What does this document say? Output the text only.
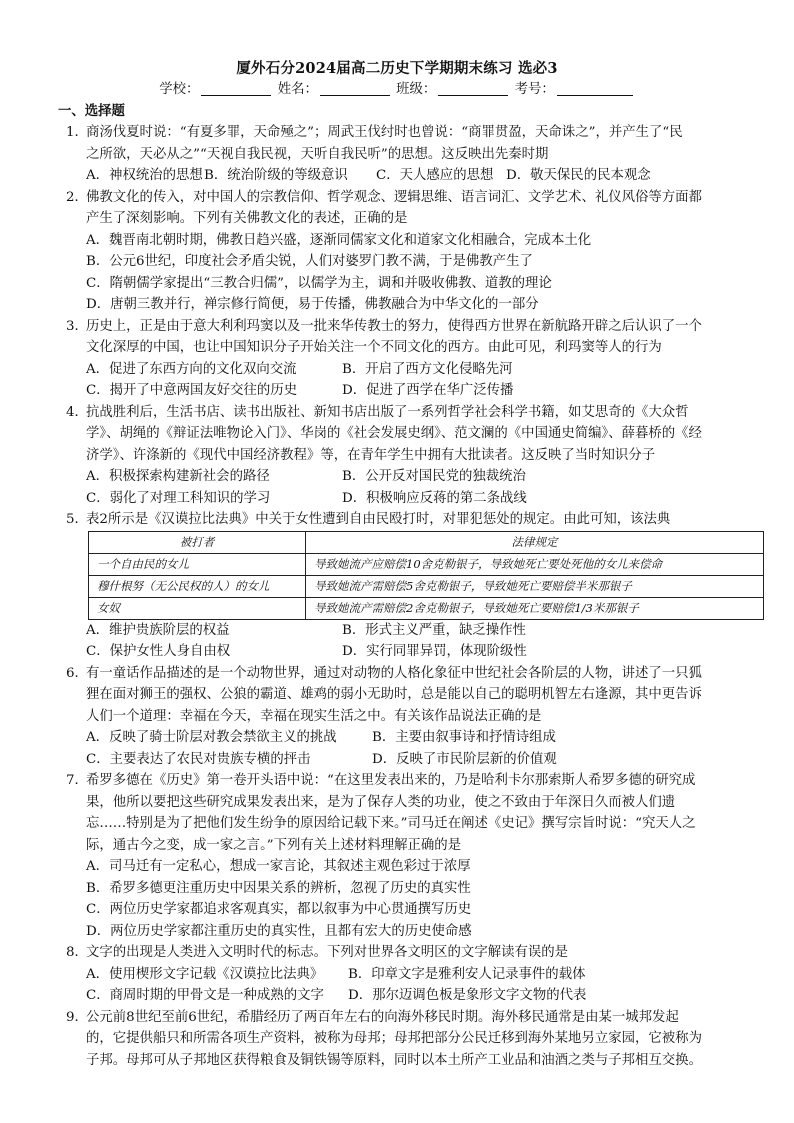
厦外石分2024届高二历史下学期期末练习 选必3
学校：	姓名：	班级：	考号：
一、选择题
1．商汤伐夏时说：“有夏多罪，天命殛之”；周武王伐纣时也曾说：“商罪贯盈，天命诛之”，并产生了“民
之所欲，天必从之”“天视自我民视，天听自我民听”的思想。这反映出先秦时期
A．神权统治的思想 B．统治阶级的等级意识	C．天人感应的思想 D．敬天保民的民本观念
2．佛教文化的传入，对中国人的宗教信仰、哲学观念、逻辑思维、语言词汇、文学艺术、礼仪风俗等方面都
产生了深刻影响。下列有关佛教文化的表述，正确的是
A．魏晋南北朝时期，佛教日趋兴盛，逐渐同儒家文化和道家文化相融合，完成本土化
B．公元6世纪，印度社会矛盾尖锐，人们对婆罗门教不满，于是佛教产生了
C．隋朝儒学家提出“三教合归儒”，以儒学为主，调和并吸收佛教、道教的理论
D．唐朝三教并行，禅宗修行简便，易于传播，佛教融合为中华文化的一部分
3．历史上，正是由于意大利利玛窦以及一批来华传教士的努力，使得西方世界在新航路开辟之后认识了一个
文化深厚的中国，也让中国知识分子开始关注一个不同文化的西方。由此可见，利玛窦等人的行为
A．促进了东西方向的文化双向交流	B．开启了西方文化侵略先河
C．揭开了中意两国友好交往的历史	D．促进了西学在华广泛传播
4．抗战胜利后，生活书店、读书出版社、新知书店出版了一系列哲学社会科学书籍，如艾思奇的《大众哲
学》、胡绳的《辩证法唯物论入门》、华岗的《社会发展史纲》、范文澜的《中国通史简编》、薛暮桥的《经
济学》、许涤新的《现代中国经济教程》等，在青年学生中拥有大批读者。这反映了当时知识分子
A．积极探索构建新社会的路径	B．公开反对国民党的独裁统治
C．弱化了对理工科知识的学习	D．积极响应反蒋的第二条战线
5．表2所示是《汉谟拉比法典》中关于女性遭到自由民殴打时，对罪犯惩处的规定。由此可知，该法典
被打者	法律规定
一个自由民的女儿	导致她流产应赔偿10舍克勒银子，导致她死亡要处死他的女儿来偿命
穆什根努（无公民权的人）的女儿	导致她流产需赔偿5舍克勒银子，导致她死亡要赔偿半米那银子
女奴	导致她流产需赔偿2舍克勒银子，导致她死亡要赔偿1/3米那银子
A．维护贵族阶层的权益	B．形式主义严重，缺乏操作性
C．保护女性人身自由权	D．实行同罪异罚，体现阶级性
6．有一童话作品描述的是一个动物世界，通过对动物的人格化象征中世纪社会各阶层的人物，讲述了一只狐
狸在面对狮王的强权、公狼的霸道、雄鸡的弱小无助时，总是能以自己的聪明机智左右逢源，其中更告诉
人们一个道理：幸福在今天，幸福在现实生活之中。有关该作品说法正确的是
A．反映了骑士阶层对教会禁欲主义的挑战	B．主要由叙事诗和抒情诗组成
C．主要表达了农民对贵族专横的抨击	D．反映了市民阶层新的价值观
7．希罗多德在《历史》第一卷开头语中说：“在这里发表出来的，乃是哈利卡尔那索斯人希罗多德的研究成
果，他所以要把这些研究成果发表出来，是为了保存人类的功业，使之不致由于年深日久而被人们遗
忘……特别是为了把他们发生纷争的原因给记载下来。”司马迁在阐述《史记》撰写宗旨时说：“究天人之
际，通古今之变，成一家之言。”下列有关上述材料理解正确的是
A．司马迁有一定私心，想成一家言论，其叙述主观色彩过于浓厚
B．希罗多德更注重历史中因果关系的辨析，忽视了历史的真实性
C．两位历史学家都追求客观真实，都以叙事为中心贯通撰写历史
D．两位历史学家都注重历史的真实性，且都有宏大的历史使命感
8．文字的出现是人类进入文明时代的标志。下列对世界各文明区的文字解读有误的是
A．使用楔形文字记载《汉谟拉比法典》	B．印章文字是雅利安人记录事件的载体
C．商周时期的甲骨文是一种成熟的文字	D．那尔迈调色板是象形文字文物的代表
9．公元前8世纪至前6世纪，希腊经历了两百年左右的向海外移民时期。海外移民通常是由某一城邦发起
的，它提供船只和所需各项生产资料，被称为母邦；母邦把部分公民迁移到海外某地另立家园，它被称为
子邦。母邦可从子邦地区获得粮食及铜铁锡等原料，同时以本土所产工业品和油酒之类与子邦相互交换。
